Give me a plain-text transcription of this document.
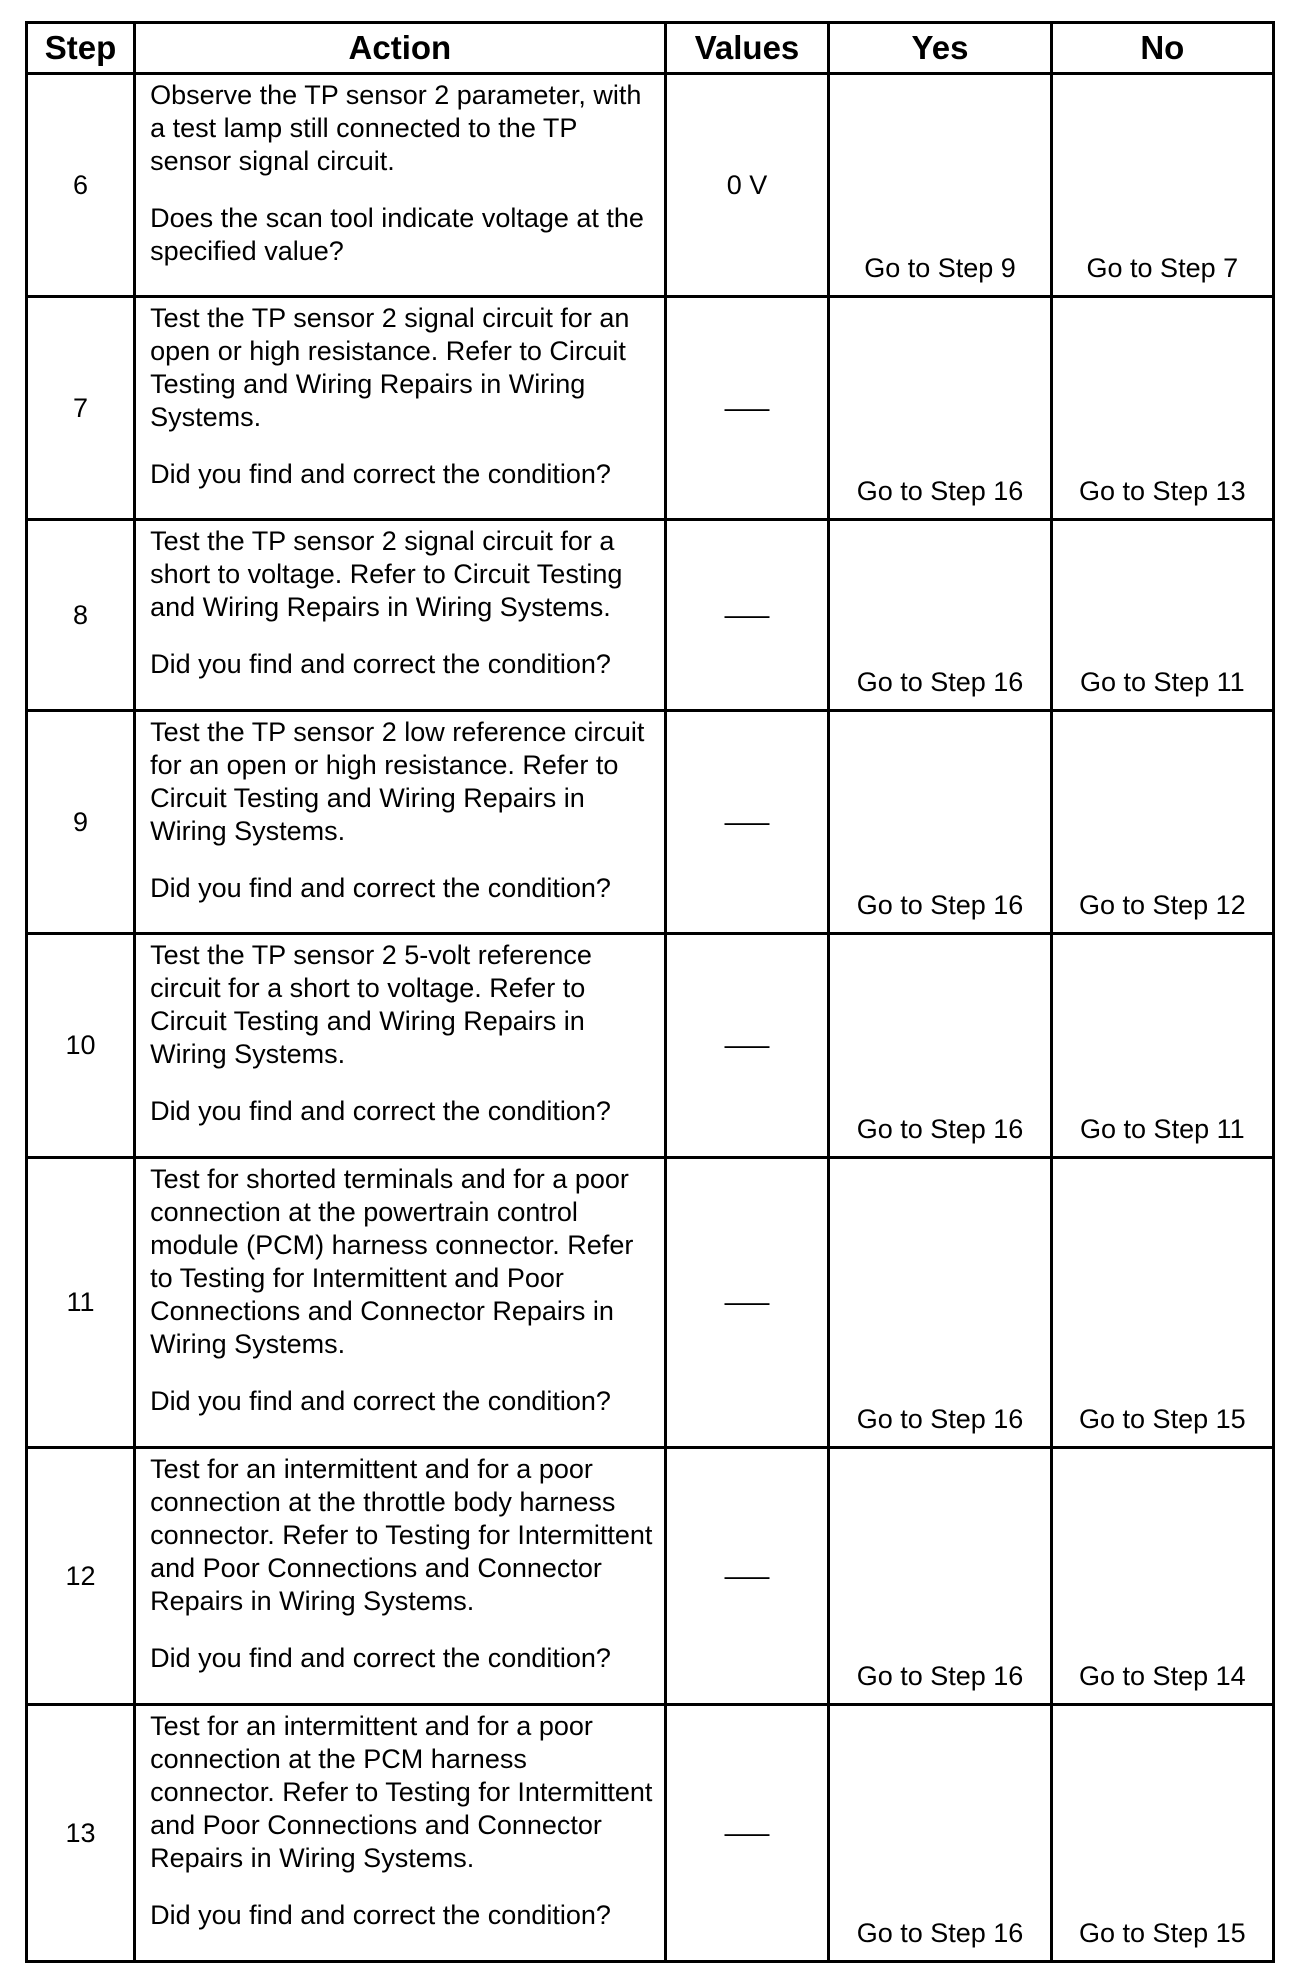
Step	Action	Values	Yes	No
6	Observe the TP sensor 2 parameter, with a test lamp still connected to the TP sensor signal circuit.
Does the scan tool indicate voltage at the specified value?	0 V	Go to Step 9	Go to Step 7
7	Test the TP sensor 2 signal circuit for an open or high resistance. Refer to Circuit Testing and Wiring Repairs in Wiring Systems.
Did you find and correct the condition?	–––	Go to Step 16	Go to Step 13
8	Test the TP sensor 2 signal circuit for a short to voltage. Refer to Circuit Testing and Wiring Repairs in Wiring Systems.
Did you find and correct the condition?	–––	Go to Step 16	Go to Step 11
9	Test the TP sensor 2 low reference circuit for an open or high resistance. Refer to Circuit Testing and Wiring Repairs in Wiring Systems.
Did you find and correct the condition?	–––	Go to Step 16	Go to Step 12
10	Test the TP sensor 2 5-volt reference circuit for a short to voltage. Refer to Circuit Testing and Wiring Repairs in Wiring Systems.
Did you find and correct the condition?	–––	Go to Step 16	Go to Step 11
11	Test for shorted terminals and for a poor connection at the powertrain control module (PCM) harness connector. Refer to Testing for Intermittent and Poor Connections and Connector Repairs in Wiring Systems.
Did you find and correct the condition?	–––	Go to Step 16	Go to Step 15
12	Test for an intermittent and for a poor connection at the throttle body harness connector. Refer to Testing for Intermittent and Poor Connections and Connector Repairs in Wiring Systems.
Did you find and correct the condition?	–––	Go to Step 16	Go to Step 14
13	Test for an intermittent and for a poor connection at the PCM harness connector. Refer to Testing for Intermittent and Poor Connections and Connector Repairs in Wiring Systems.
Did you find and correct the condition?	–––	Go to Step 16	Go to Step 15
